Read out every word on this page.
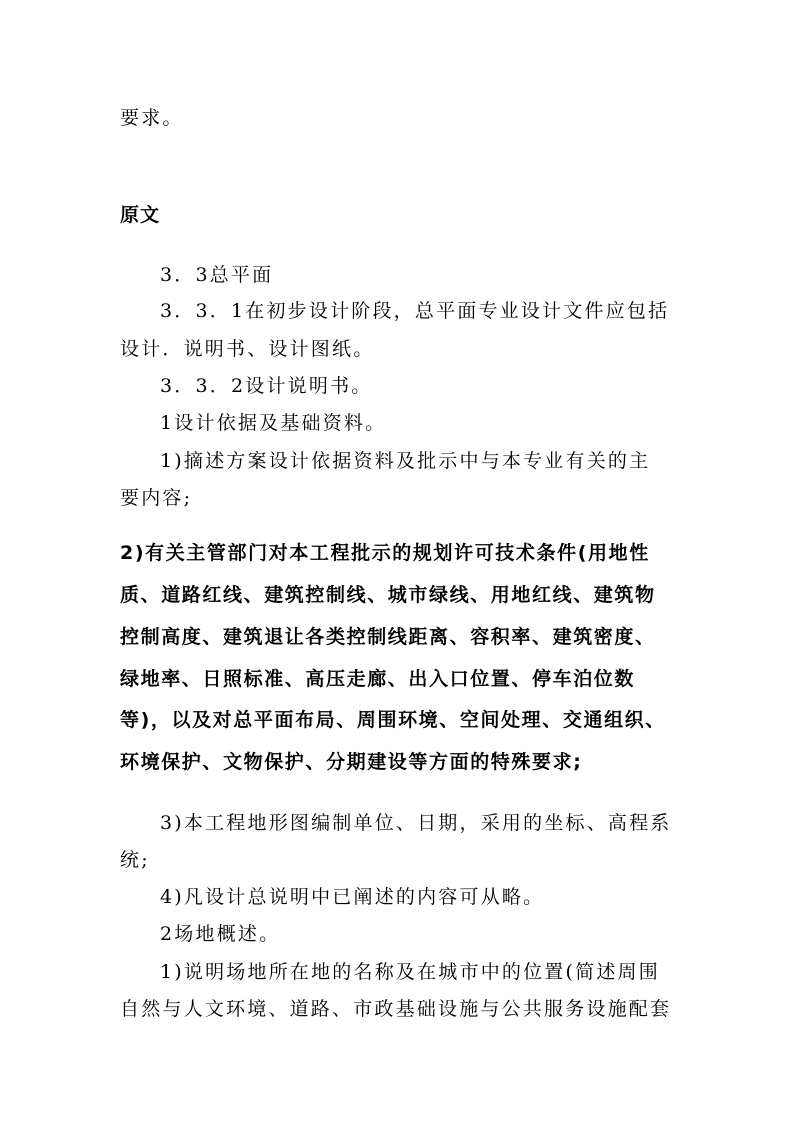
要求。
原文
3．3总平面
3．3．1在初步设计阶段，总平面专业设计文件应包括
设计．说明书、设计图纸。
3．3．2设计说明书。
1设计依据及基础资料。
1)摘述方案设计依据资料及批示中与本专业有关的主
要内容;
2)有关主管部门对本工程批示的规划许可技术条件(用地性
质、道路红线、建筑控制线、城市绿线、用地红线、建筑物
控制高度、建筑退让各类控制线距离、容积率、建筑密度、
绿地率、日照标准、高压走廊、出入口位置、停车泊位数
等)，以及对总平面布局、周围环境、空间处理、交通组织、
环境保护、文物保护、分期建设等方面的特殊要求;
3)本工程地形图编制单位、日期，采用的坐标、高程系
统;
4)凡设计总说明中已阐述的内容可从略。
2场地概述。
1)说明场地所在地的名称及在城市中的位置(简述周围
自然与人文环境、道路、市政基础设施与公共服务设施配套
